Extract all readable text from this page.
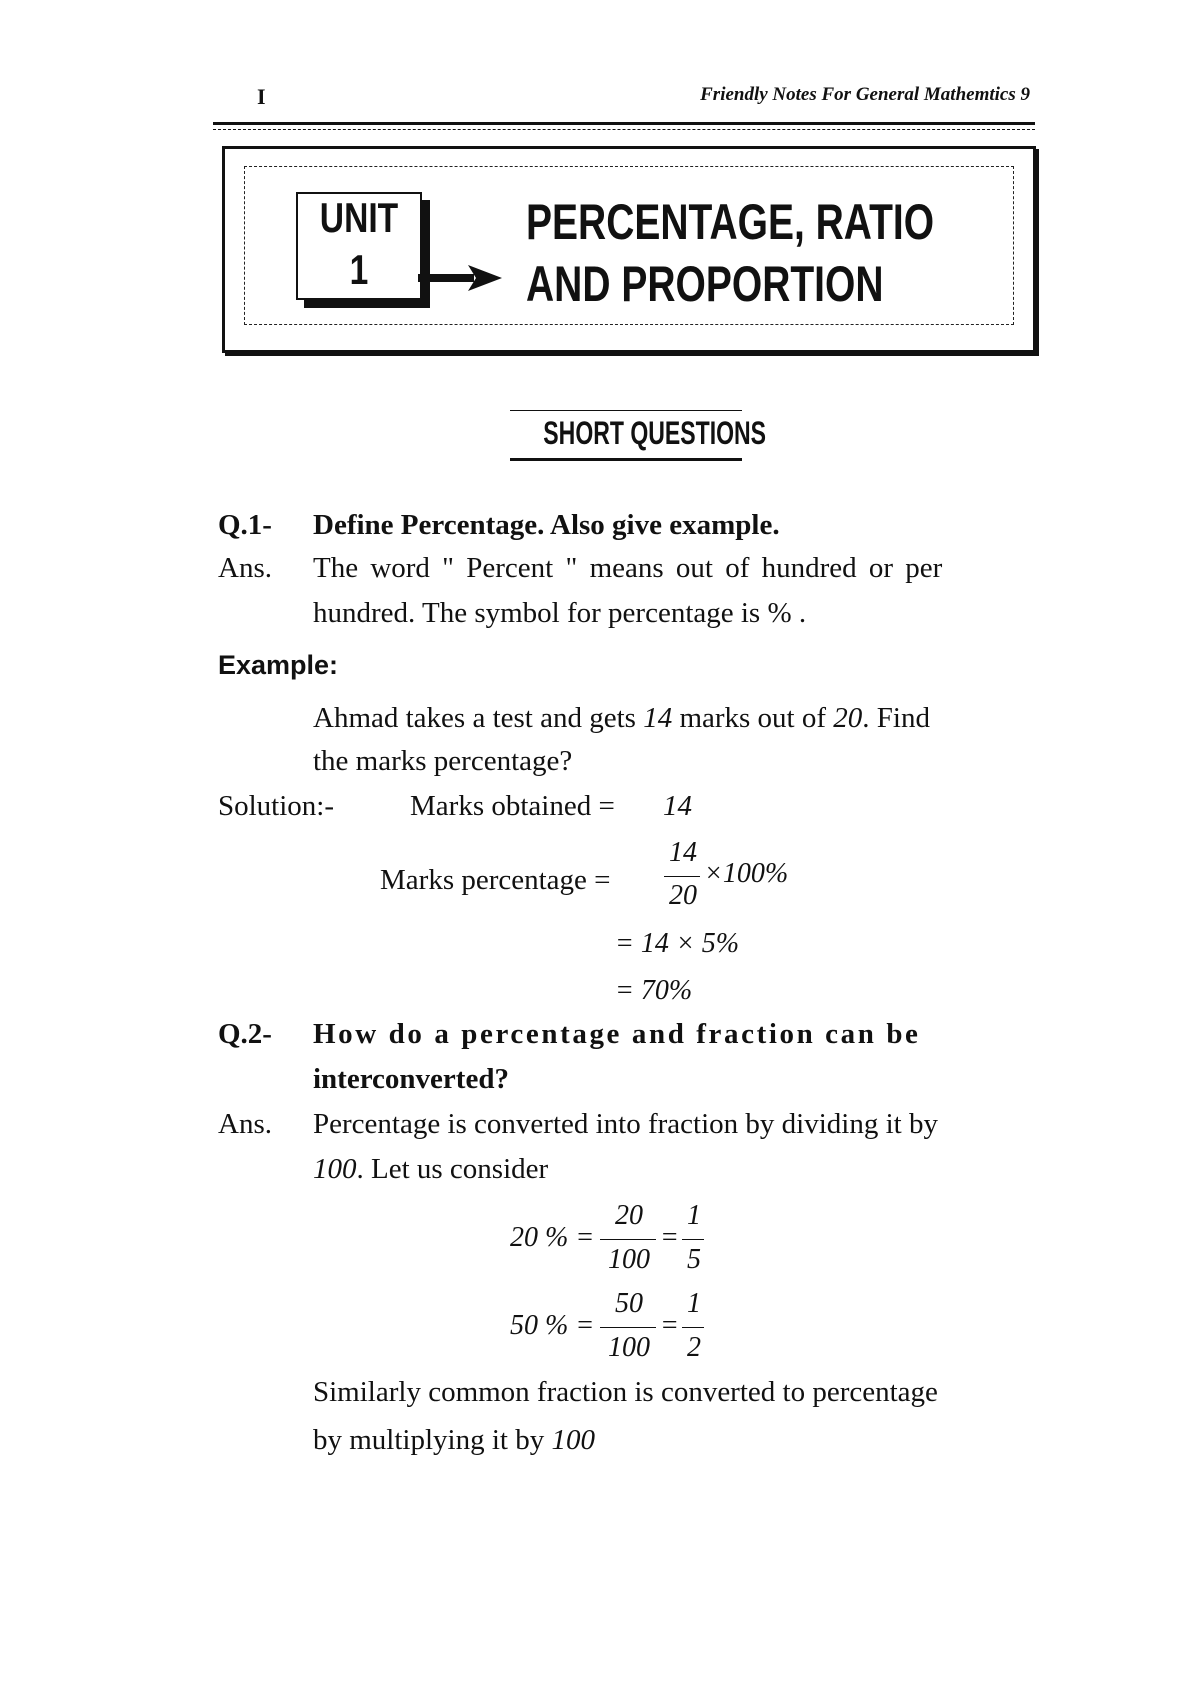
I	Friendly Notes For General Mathemtics 9
UNIT
1
PERCENTAGE, RATIO
AND PROPORTION
SHORT QUESTIONS
Q.1- Define Percentage. Also give example.
Ans. The word " Percent " means out of hundred or per
hundred. The symbol for percentage is % .
Example:
Ahmad takes a test and gets 14 marks out of 20. Find
the marks percentage?
Solution:-	Marks obtained = 14
Marks percentage =
14
20
×100%
= 14 × 5%
= 70%
Q.2- How do a percentage and fraction can be
interconverted?
Ans. Percentage is converted into fraction by dividing it by
100. Let us consider
20 % =
20
100
=
1
5
50 % =
50
100
=
1
2
Similarly common fraction is converted to percentage
by multiplying it by 100
